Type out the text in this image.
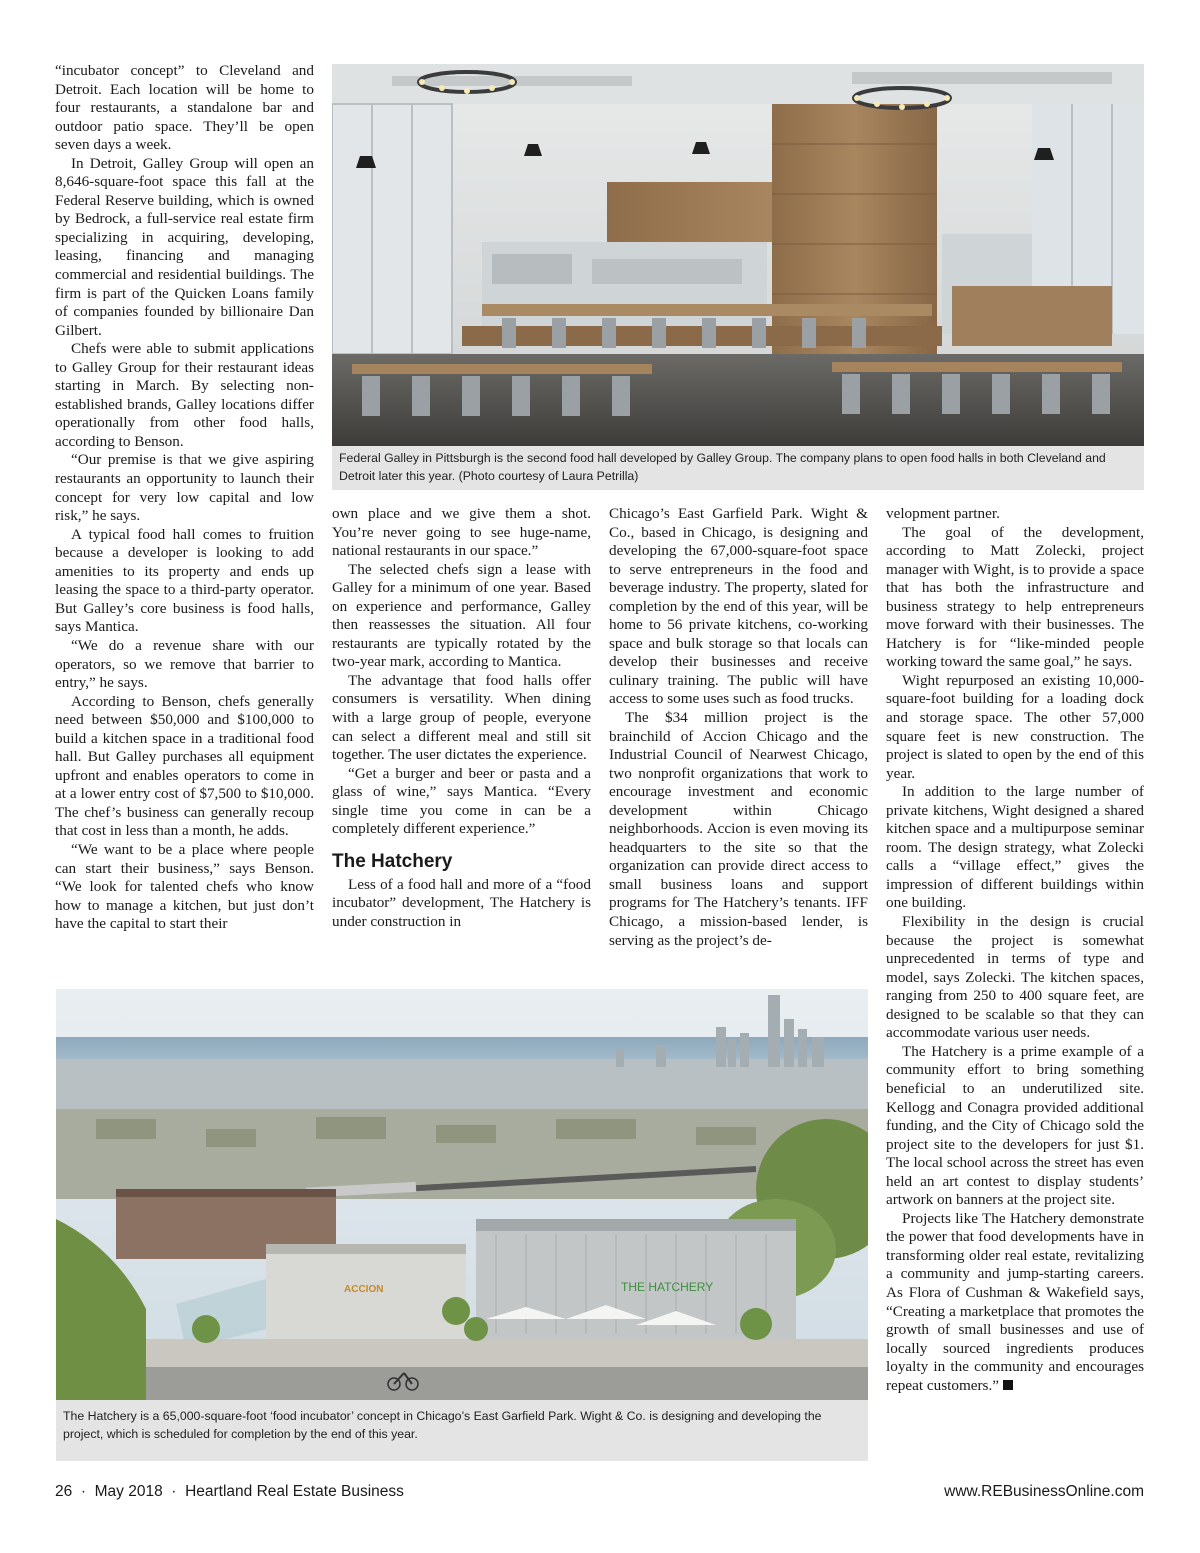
“incubator concept” to Cleveland and Detroit. Each location will be home to four restaurants, a standalone bar and outdoor patio space. They’ll be open seven days a week.

In Detroit, Galley Group will open an 8,646-square-foot space this fall at the Federal Reserve building, which is owned by Bedrock, a full-service real estate firm specializing in acquiring, developing, leasing, financing and managing commercial and residential buildings. The firm is part of the Quicken Loans family of companies founded by billionaire Dan Gilbert.

Chefs were able to submit applications to Galley Group for their restaurant ideas starting in March. By selecting non-established brands, Galley locations differ operationally from other food halls, according to Benson.

“Our premise is that we give aspiring restaurants an opportunity to launch their concept for very low capital and low risk,” he says.

A typical food hall comes to fruition because a developer is looking to add amenities to its property and ends up leasing the space to a third-party operator. But Galley’s core business is food halls, says Mantica.

“We do a revenue share with our operators, so we remove that barrier to entry,” he says.

According to Benson, chefs generally need between $50,000 and $100,000 to build a kitchen space in a traditional food hall. But Galley purchases all equipment upfront and enables operators to come in at a lower entry cost of $7,500 to $10,000. The chef’s business can generally recoup that cost in less than a month, he adds.

“We want to be a place where people can start their business,” says Benson. “We look for talented chefs who know how to manage a kitchen, but just don’t have the capital to start their

Federal Galley in Pittsburgh is the second food hall developed by Galley Group. The company plans to open food halls in both Cleveland and Detroit later this year. (Photo courtesy of Laura Petrilla)

own place and we give them a shot. You’re never going to see huge-name, national restaurants in our space.”

The selected chefs sign a lease with Galley for a minimum of one year. Based on experience and performance, Galley then reassesses the situation. All four restaurants are typically rotated by the two-year mark, according to Mantica.

The advantage that food halls offer consumers is versatility. When dining with a large group of people, everyone can select a different meal and still sit together. The user dictates the experience.

“Get a burger and beer or pasta and a glass of wine,” says Mantica. “Every single time you come in can be a completely different experience.”

The Hatchery

Less of a food hall and more of a “food incubator” development, The Hatchery is under construction in

Chicago’s East Garfield Park. Wight & Co., based in Chicago, is designing and developing the 67,000-square-foot space to serve entrepreneurs in the food and beverage industry. The property, slated for completion by the end of this year, will be home to 56 private kitchens, co-working space and bulk storage so that locals can develop their businesses and receive culinary training. The public will have access to some uses such as food trucks.

The $34 million project is the brainchild of Accion Chicago and the Industrial Council of Nearwest Chicago, two nonprofit organizations that work to encourage investment and economic development within Chicago neighborhoods. Accion is even moving its headquarters to the site so that the organization can provide direct access to small business loans and support programs for The Hatchery’s tenants. IFF Chicago, a mission-based lender, is serving as the project’s de-

velopment partner.

The goal of the development, according to Matt Zolecki, project manager with Wight, is to provide a space that has both the infrastructure and business strategy to help entrepreneurs move forward with their businesses. The Hatchery is for “like-minded people working toward the same goal,” he says.

Wight repurposed an existing 10,000-square-foot building for a loading dock and storage space. The other 57,000 square feet is new construction. The project is slated to open by the end of this year.

In addition to the large number of private kitchens, Wight designed a shared kitchen space and a multipurpose seminar room. The design strategy, what Zolecki calls a “village effect,” gives the impression of different buildings within one building.

Flexibility in the design is crucial because the project is somewhat unprecedented in terms of type and model, says Zolecki. The kitchen spaces, ranging from 250 to 400 square feet, are designed to be scalable so that they can accommodate various user needs.

The Hatchery is a prime example of a community effort to bring something beneficial to an underutilized site. Kellogg and Conagra provided additional funding, and the City of Chicago sold the project site to the developers for just $1. The local school across the street has even held an art contest to display students’ artwork on banners at the project site.

Projects like The Hatchery demonstrate the power that food developments have in transforming older real estate, revitalizing a community and jump-starting careers. As Flora of Cushman & Wakefield says, “Creating a marketplace that promotes the growth of small businesses and use of locally sourced ingredients produces loyalty in the community and encourages repeat customers.”

THE HATCHERY
ACCION
The Hatchery is a 65,000-square-foot ‘food incubator’ concept in Chicago’s East Garfield Park. Wight & Co. is designing and developing the project, which is scheduled for completion by the end of this year.
26  ·  May 2018  ·  Heartland Real Estate Business	www.REBusinessOnline.com
